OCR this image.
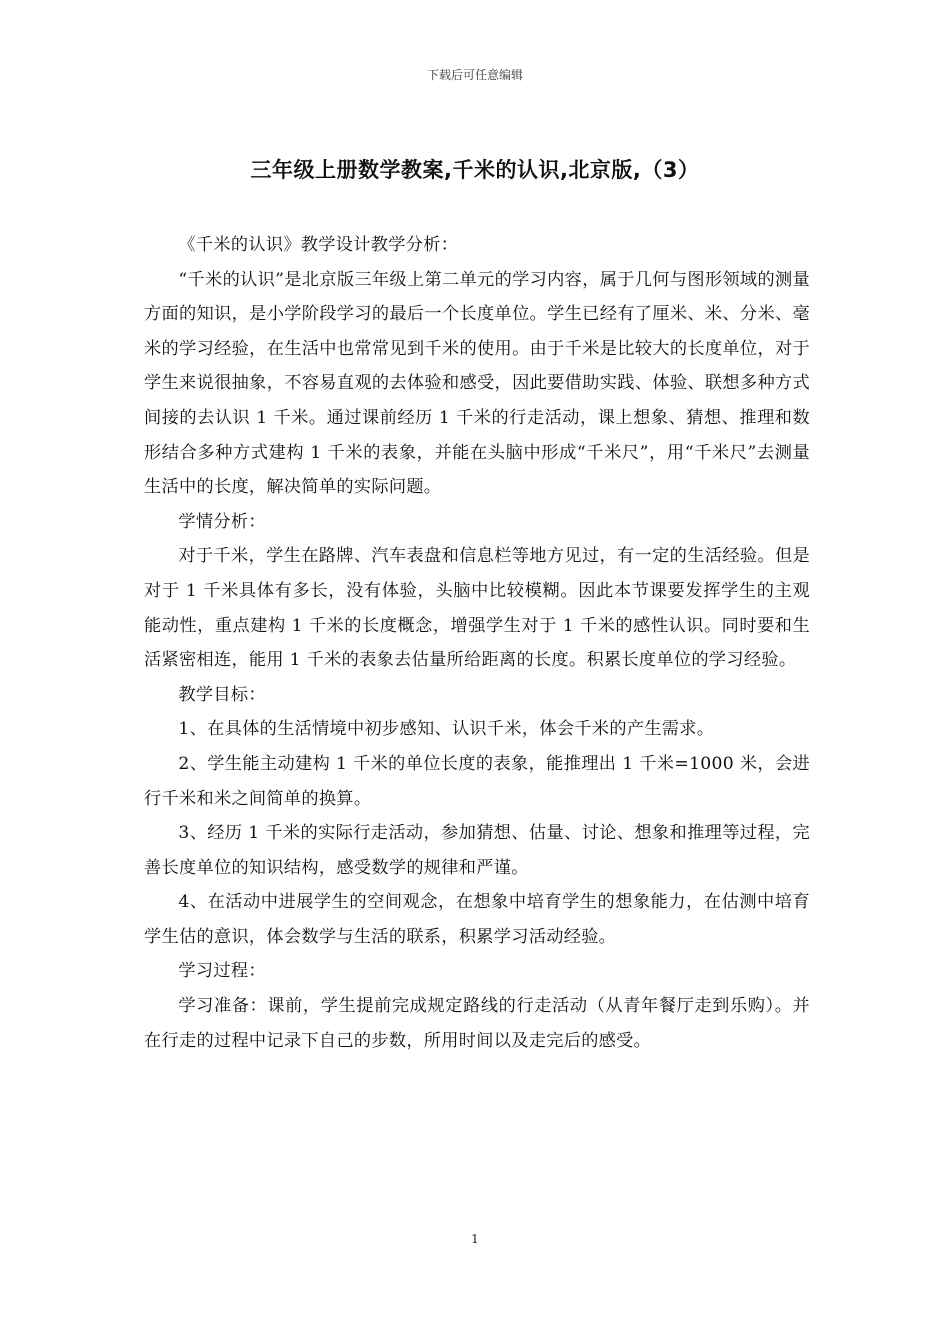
下载后可任意编辑
三年级上册数学教案,千米的认识,北京版,（3）

《千米的认识》教学设计教学分析：

“千米的认识”是北京版三年级上第二单元的学习内容，属于几何与图形领域的测量方面的知识，是小学阶段学习的最后一个长度单位。学生已经有了厘米、米、分米、毫米的学习经验，在生活中也常常见到千米的使用。由于千米是比较大的长度单位，对于学生来说很抽象，不容易直观的去体验和感受，因此要借助实践、体验、联想多种方式间接的去认识 1 千米。通过课前经历 1 千米的行走活动，课上想象、猜想、推理和数形结合多种方式建构 1 千米的表象，并能在头脑中形成“千米尺”，用“千米尺”去测量生活中的长度，解决简单的实际问题。

学情分析：

对于千米，学生在路牌、汽车表盘和信息栏等地方见过，有一定的生活经验。但是对于 1 千米具体有多长，没有体验，头脑中比较模糊。因此本节课要发挥学生的主观能动性，重点建构 1 千米的长度概念，增强学生对于 1 千米的感性认识。同时要和生活紧密相连，能用 1 千米的表象去估量所给距离的长度。积累长度单位的学习经验。

教学目标：

1、在具体的生活情境中初步感知、认识千米，体会千米的产生需求。

2、学生能主动建构 1 千米的单位长度的表象，能推理出 1 千米=1000 米，会进行千米和米之间简单的换算。

3、经历 1 千米的实际行走活动，参加猜想、估量、讨论、想象和推理等过程，完善长度单位的知识结构，感受数学的规律和严谨。

4、在活动中进展学生的空间观念，在想象中培育学生的想象能力，在估测中培育学生估的意识，体会数学与生活的联系，积累学习活动经验。

学习过程：

学习准备：课前，学生提前完成规定路线的行走活动（从青年餐厅走到乐购）。并在行走的过程中记录下自己的步数，所用时间以及走完后的感受。

1
